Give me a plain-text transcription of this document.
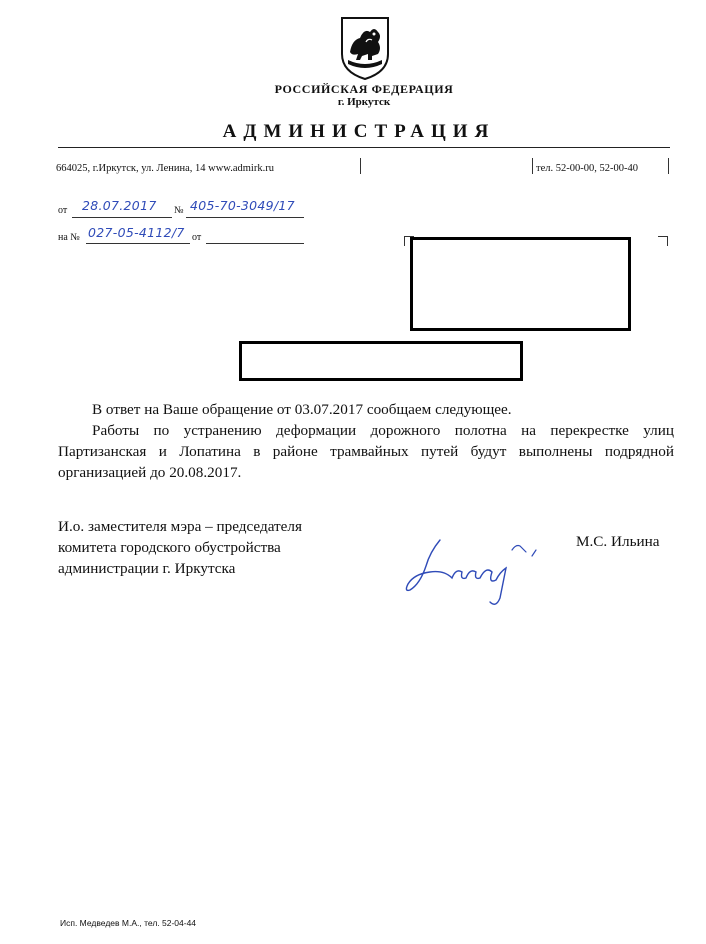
РОССИЙСКАЯ ФЕДЕРАЦИЯ
г. Иркутск
АДМИНИСТРАЦИЯ
664025, г.Иркутск, ул. Ленина, 14 www.admirk.ru	тел. 52-00-00, 52-00-40
от 28.07.2017 № 405-70-3049/17
на № 027-05-4112/7 от

В ответ на Ваше обращение от 03.07.2017 сообщаем следующее.

Работы по устранению деформации дорожного полотна на перекрестке улиц Партизанская и Лопатина в районе трамвайных путей будут выполнены подрядной организацией до 20.08.2017.

И.о. заместителя мэра – председателя
комитета городского обустройства
администрации г. Иркутска
М.С. Ильина
Исп. Медведев М.А., тел. 52-04-44
